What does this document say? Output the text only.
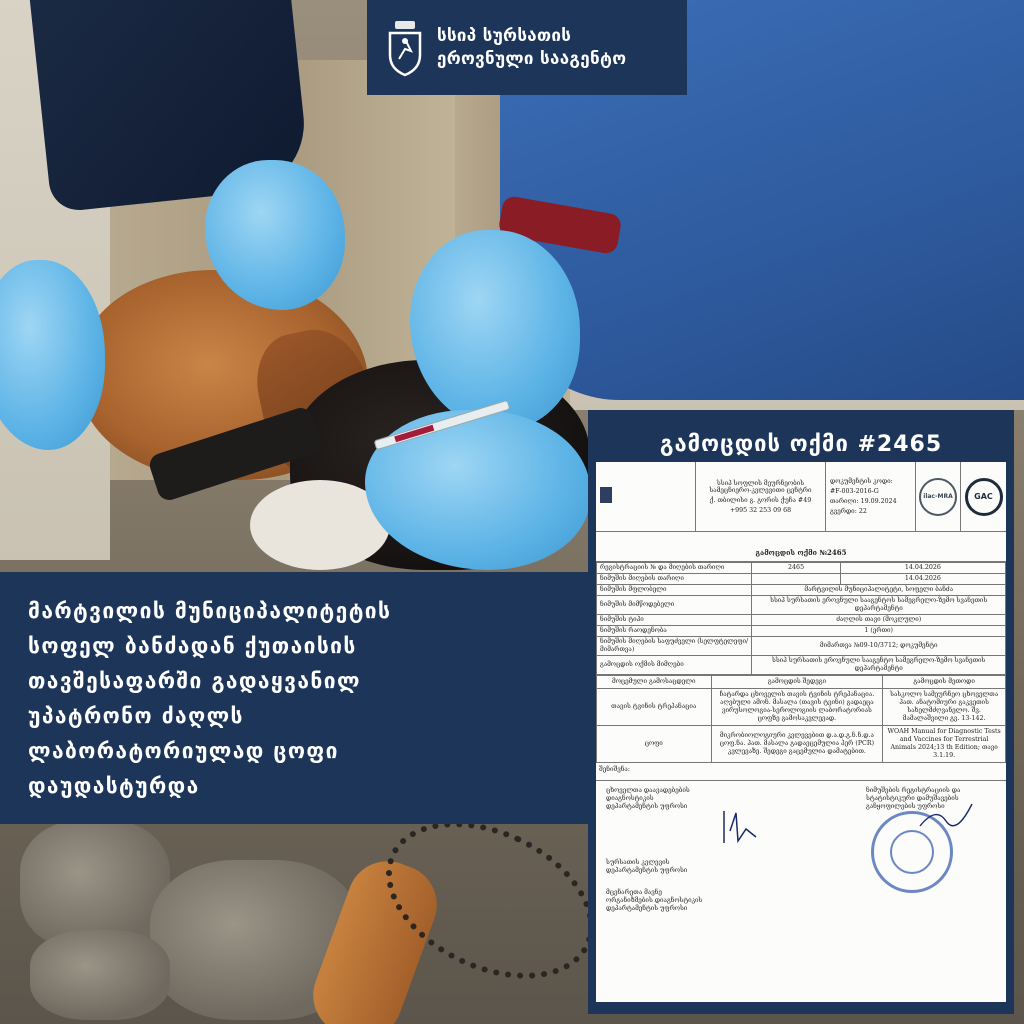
სსიპ სურსათის
ეროვნული სააგენტო

მარტვილის მუნიციპალიტეტის

სოფელ ბანძადან ქუთაისის

თავშესაფარში გადაყვანილ

უპატრონო ძაღლს

ლაბორატორიულად ცოფი

დაუდასტურდა

გამოცდის ოქმი #2465
სსიპ სოფლის მეურნეობის სამეცნიერო-კვლევითი ცენტრი
ქ. თბილისი გ. გორის ქუჩა #49
+995 32 253 09 68
დოკუმენტის კოდი:
#F-003-2016-G
თარიღი: 19.09.2024
გვერდი: 22
ilac-MRA	GAC
გამოცდის ოქმი №2465
რეგისტრაციის № და მიღების თარიღი	2465	14.04.2026
ნიმუშის მიღების თარიღი		14.04.2026
ნიმუშის მფლობელი	მარტვილის მუნიციპალიტეტი, სოფელი ბანძა	
ნიმუშის მიმწოდებელი	სსიპ სურსათის ეროვნული სააგენტოს სამეგრელო-ზემო სვანეთის დეპარტამენტი	
ნიმუშის ტიპი	ძაღლის თავი (მოკლული)	
ნიმუშის რაოდენობა	1 (ერთი)	
ნიმუშის მიღების საფუძველი (სელფტელეფი/მიმართვა)	მიმართვა №09-10/3712; დოკუმენტი	
გამოცდის ოქმის მიმღები	სსიპ სურსათის ეროვნული სააგენტო სამეგრელო-ზემო სვანეთის დეპარტამენტი	
მოცემული გამოსაცდელი	გამოცდის შედეგი	გამოცდის მეთოდი
თავის ტვინის ტრეპანაცია	ჩატარდა ცხოველის თავის ტვინის ტრეპანაცია. აღებული ამონ. მასალა (თავის ტვინი) გადაეცა ვირუსოლოგია-სეროლოგიის ლაბორატორიას ცოფზე გამოსაკვლევად.	სასკოლო სამეურნეო ცხოველთა პათ. ანატომიური გაკვეთის სახელმძღვანელო. შვ. მამალაშვილი გვ. 13-142.
ცოფი	მიკრობიოლოგიური კვლევებით დ.ა.დ.გ.ნ.ნ.დ.ა ცოფ.ნა. პათ. მასალა გადაეცემულია პერ (PCR) კვლევაზე. შედეგი გაცემულია დამატებით.	WOAH Manual for Diagnostic Tests and Vaccines for Terrestrial Animals 2024;13 th Edition; თავი 3.1.19.
შენიშვნა:
ცხოველთა დაავადებების დიაგნოსტიკის დეპარტამენტის უფროსი
ნიმუშების რეგისტრაციის და სტატისტიკური დამუშავების განყოფილების უფროსი
სურსათის კვლევის დეპარტამენტის უფროსი
მცენარეთა მავნე ორგანიზმების დიაგნოსტიკის დეპარტამენტის უფროსი
